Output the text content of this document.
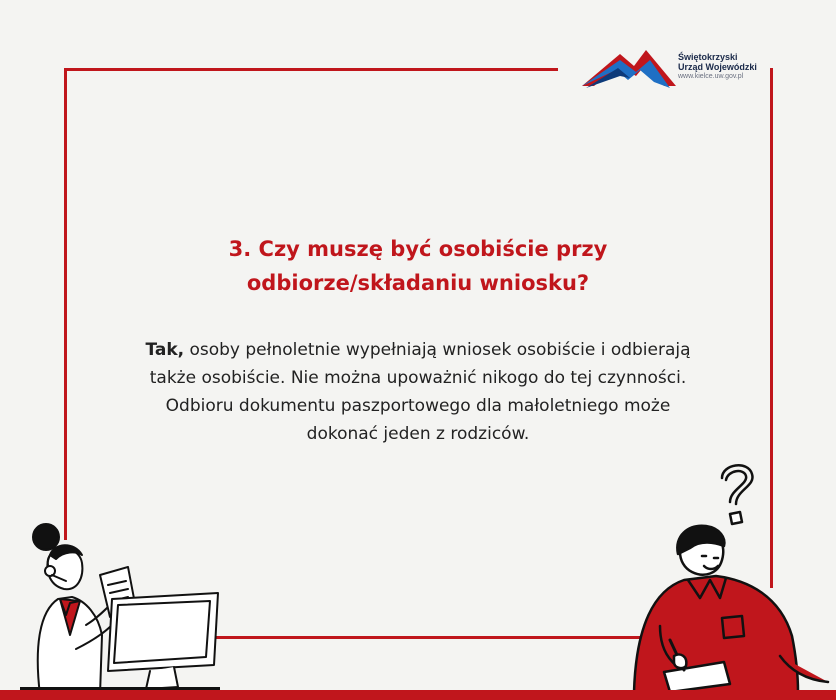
Świętokrzyski
Urząd Wojewódzki
www.kielce.uw.gov.pl
3. Czy muszę być osobiście przy
odbiorze/składaniu wniosku?
Tak, osoby pełnoletnie wypełniają wniosek osobiście i odbierają
także osobiście. Nie można upoważnić nikogo do tej czynności.
Odbioru dokumentu paszportowego dla małoletniego może
dokonać jeden z rodziców.
